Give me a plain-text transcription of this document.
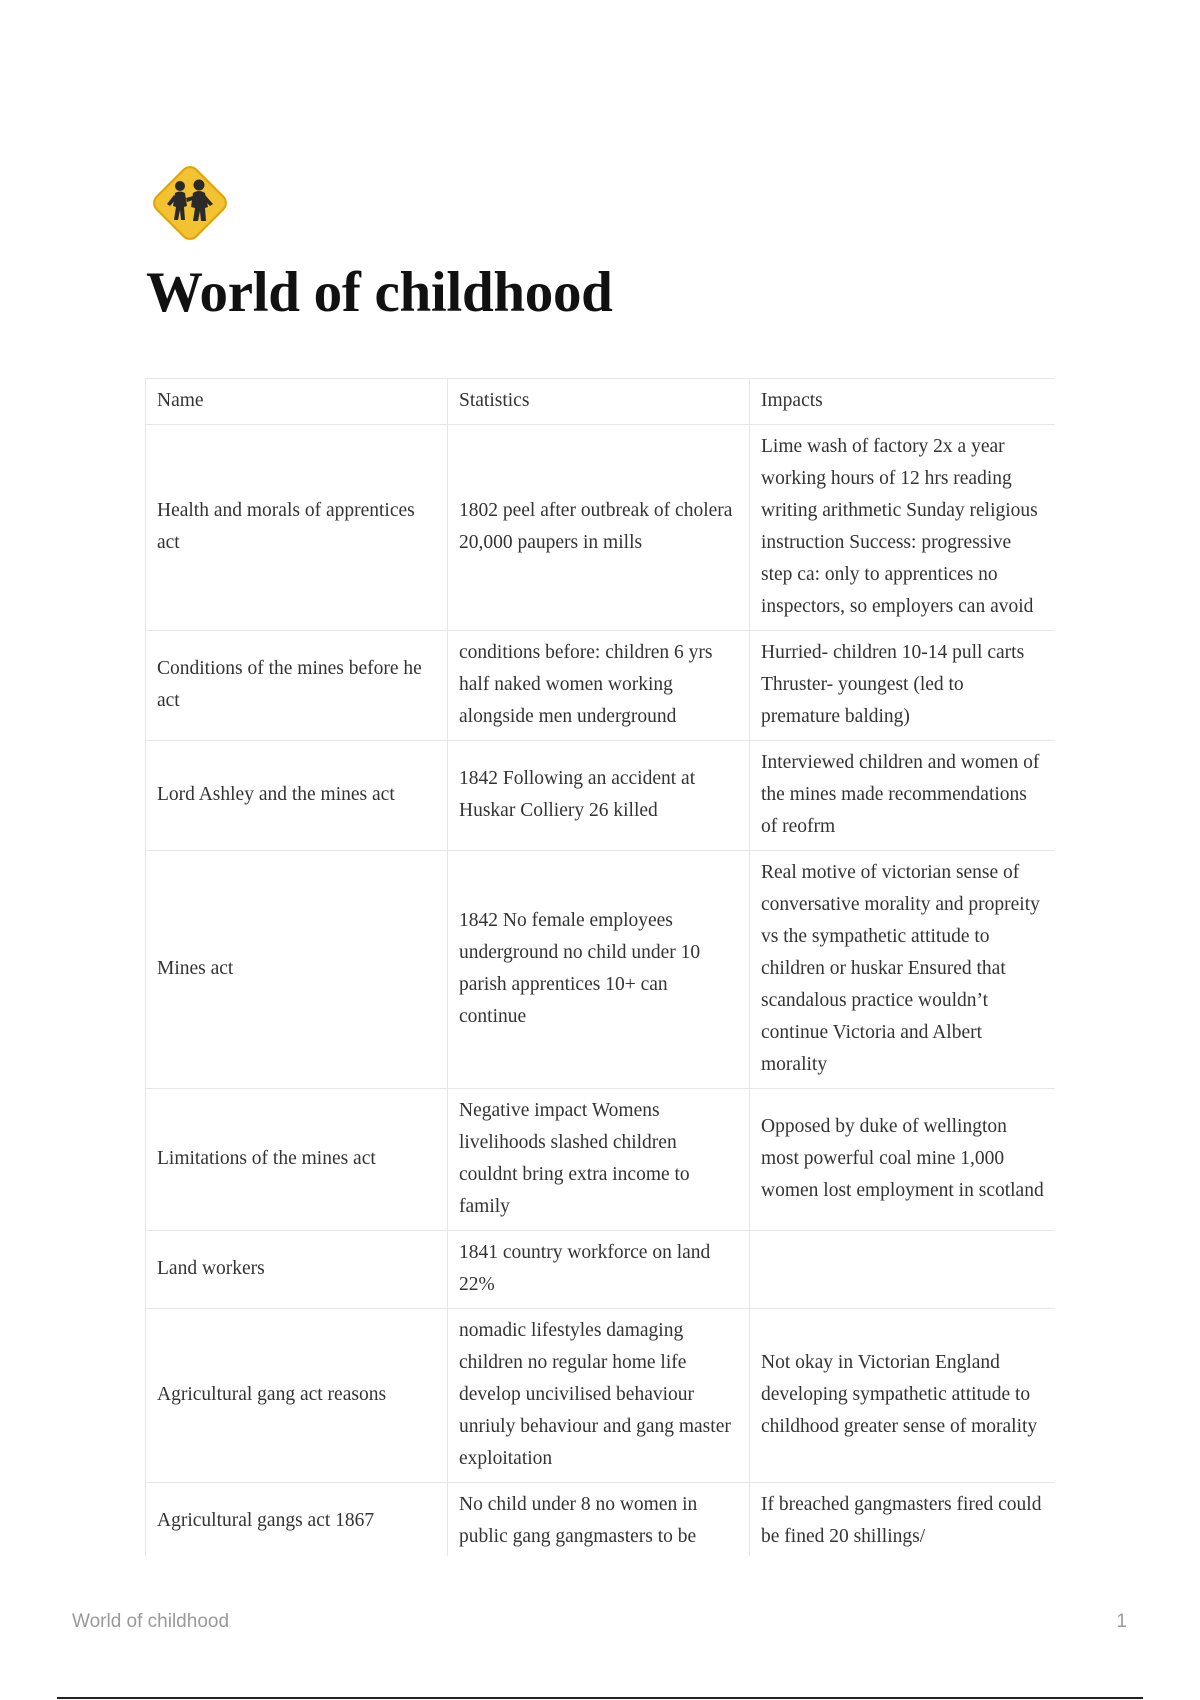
World of childhood
Name	Statistics	Impacts
Health and morals of apprentices act	1802 peel after outbreak of cholera 20,000 paupers in mills	Lime wash of factory 2x a year working hours of 12 hrs reading writing arithmetic Sunday religious instruction Success: progressive step ca: only to apprentices no inspectors, so employers can avoid
Conditions of the mines before he act	conditions before: children 6 yrs half naked women working alongside men underground	Hurried- children 10-14 pull carts Thruster- youngest (led to premature balding)
Lord Ashley and the mines act	1842 Following an accident at Huskar Colliery 26 killed	Interviewed children and women of the mines made recommendations of reofrm
Mines act	1842 No female employees underground no child under 10 parish apprentices 10+ can continue	Real motive of victorian sense of conversative morality and propreity vs the sympathetic attitude to children or huskar Ensured that scandalous practice wouldn’t continue Victoria and Albert morality
Limitations of the mines act	Negative impact Womens livelihoods slashed children couldnt bring extra income to family	Opposed by duke of wellington most powerful coal mine 1,000 women lost employment in scotland
Land workers	1841 country workforce on land 22%	
Agricultural gang act reasons	nomadic lifestyles damaging children no regular home life develop uncivilised behaviour unriuly behaviour and gang master exploitation	Not okay in Victorian England developing sympathetic attitude to childhood greater sense of morality
Agricultural gangs act 1867	No child under 8 no women in public gang gangmasters to be	If breached gangmasters fired could be fined 20 shillings/
World of childhood	1
